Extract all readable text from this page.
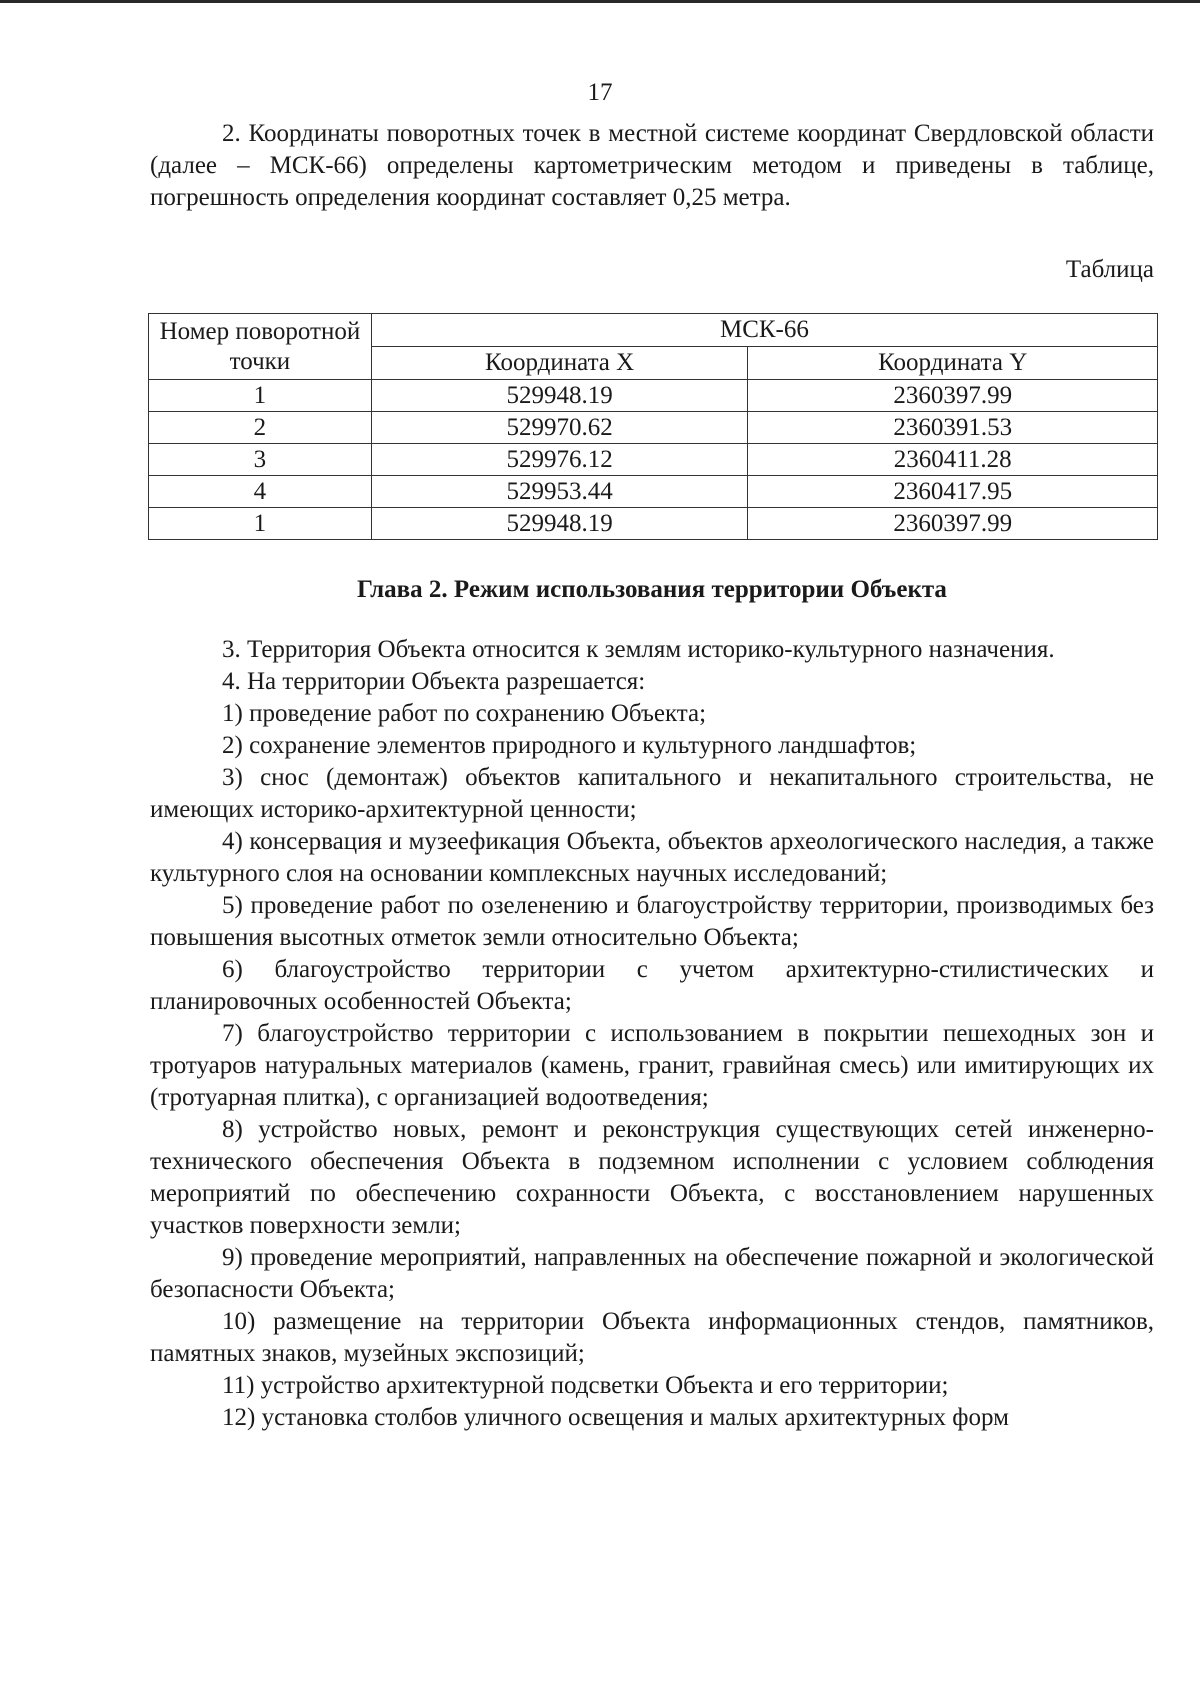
17

2. Координаты поворотных точек в местной системе координат Свердловской области (далее – МСК-66) определены картометрическим методом и приведены в таблице, погрешность определения координат составляет 0,25 метра.

Таблица
Номер поворотной точки	МСК-66	
	Координата X	Координата Y
1	529948.19	2360397.99
2	529970.62	2360391.53
3	529976.12	2360411.28
4	529953.44	2360417.95
1	529948.19	2360397.99
Глава 2. Режим использования территории Объекта

3. Территория Объекта относится к землям историко-культурного назначения.

4. На территории Объекта разрешается:

1) проведение работ по сохранению Объекта;

2) сохранение элементов природного и культурного ландшафтов;

3) снос (демонтаж) объектов капитального и некапитального строительства, не имеющих историко-архитектурной ценности;

4) консервация и музеефикация Объекта, объектов археологического наследия, а также культурного слоя на основании комплексных научных исследований;

5) проведение работ по озеленению и благоустройству территории, производимых без повышения высотных отметок земли относительно Объекта;

6) благоустройство территории с учетом архитектурно-стилистических и планировочных особенностей Объекта;

7) благоустройство территории с использованием в покрытии пешеходных зон и тротуаров натуральных материалов (камень, гранит, гравийная смесь) или имитирующих их (тротуарная плитка), с организацией водоотведения;

8) устройство новых, ремонт и реконструкция существующих сетей инженерно-технического обеспечения Объекта в подземном исполнении с условием соблюдения мероприятий по обеспечению сохранности Объекта, с восстановлением нарушенных участков поверхности земли;

9) проведение мероприятий, направленных на обеспечение пожарной и экологической безопасности Объекта;

10) размещение на территории Объекта информационных стендов, памятников, памятных знаков, музейных экспозиций;

11) устройство архитектурной подсветки Объекта и его территории;

12) установка столбов уличного освещения и малых архитектурных форм
